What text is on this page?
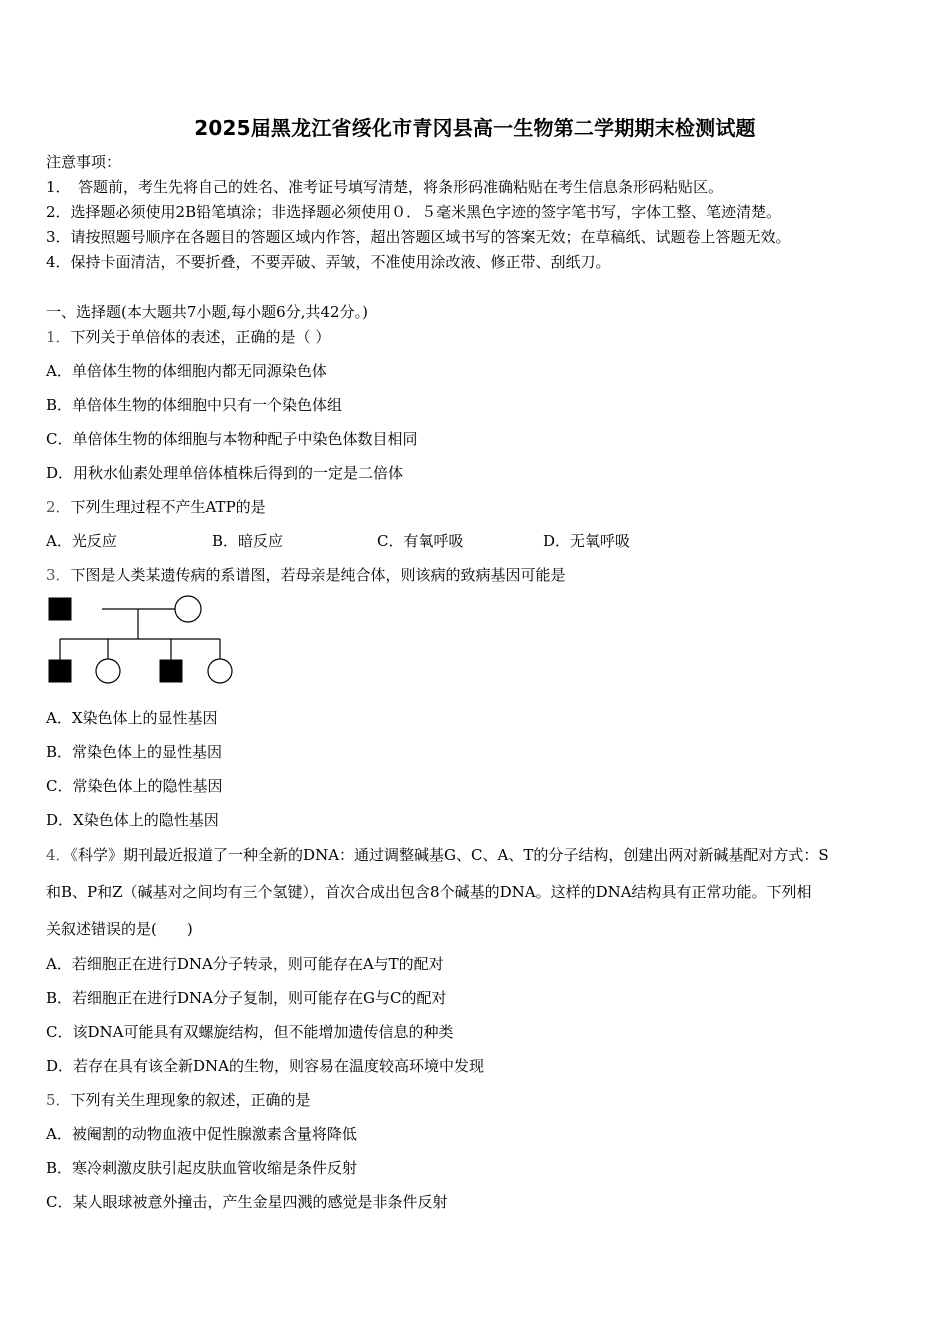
2025届黑龙江省绥化市青冈县高一生物第二学期期末检测试题
注意事项：
1．　答题前，考生先将自己的姓名、准考证号填写清楚，将条形码准确粘贴在考生信息条形码粘贴区。
2．选择题必须使用2B铅笔填涂；非选择题必须使用０．５毫米黑色字迹的签字笔书写，字体工整、笔迹清楚。
3．请按照题号顺序在各题目的答题区域内作答，超出答题区域书写的答案无效；在草稿纸、试题卷上答题无效。
4．保持卡面清洁，不要折叠，不要弄破、弄皱，不准使用涂改液、修正带、刮纸刀。
一、选择题(本大题共7小题,每小题6分,共42分。)
1．下列关于单倍体的表述，正确的是（ ）
A．单倍体生物的体细胞内都无同源染色体
B．单倍体生物的体细胞中只有一个染色体组
C．单倍体生物的体细胞与本物种配子中染色体数目相同
D．用秋水仙素处理单倍体植株后得到的一定是二倍体
2．下列生理过程不产生ATP的是
A．光反应	B．暗反应	C．有氧呼吸	D．无氧呼吸
3．下图是人类某遗传病的系谱图，若母亲是纯合体，则该病的致病基因可能是
A．X染色体上的显性基因
B．常染色体上的显性基因
C．常染色体上的隐性基因
D．X染色体上的隐性基因
4．《科学》期刊最近报道了一种全新的DNA：通过调整碱基G、C、A、T的分子结构，创建出两对新碱基配对方式：S
和B、P和Z（碱基对之间均有三个氢键），首次合成出包含8个碱基的DNA。这样的DNA结构具有正常功能。下列相
关叙述错误的是(　　)
A．若细胞正在进行DNA分子转录，则可能存在A与T的配对
B．若细胞正在进行DNA分子复制，则可能存在G与C的配对
C．该DNA可能具有双螺旋结构，但不能增加遗传信息的种类
D．若存在具有该全新DNA的生物，则容易在温度较高环境中发现
5．下列有关生理现象的叙述，正确的是
A．被阉割的动物血液中促性腺激素含量将降低
B．寒冷刺激皮肤引起皮肤血管收缩是条件反射
C．某人眼球被意外撞击，产生金星四溅的感觉是非条件反射
